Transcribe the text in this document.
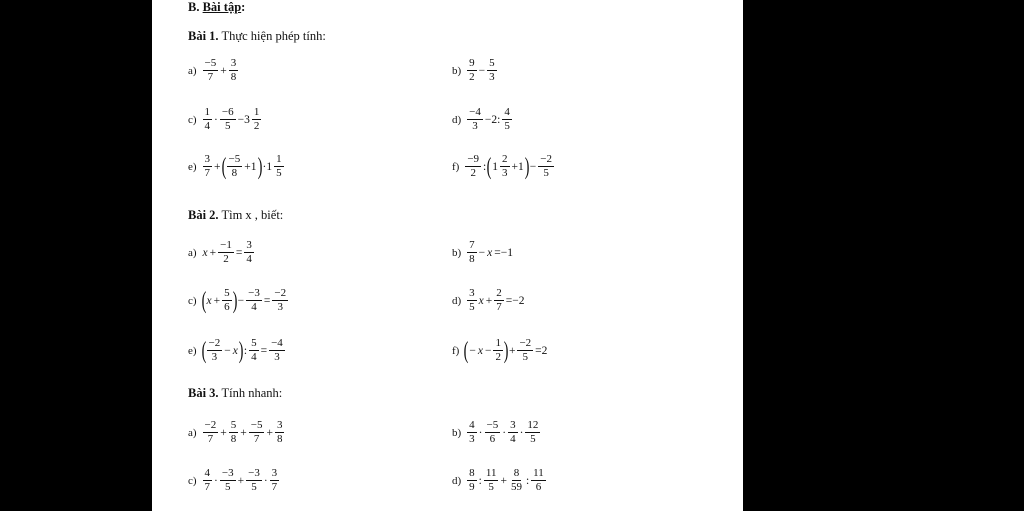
B. Bài tập:
Bài 1. Thực hiện phép tính:
$a) \frac{-5}{7} + \frac{3}{8}$	$b) \frac{9}{2} - \frac{5}{3}$
$c) \frac{1}{4} \cdot \frac{-6}{5} -3 \frac{1}{2}$	$d) \frac{-4}{3} -2$: $\frac{4}{5}$
$e) \frac{3}{7}$ + ( $\frac{-5}{8} +1$ ) $\cdot 1 \frac{1}{5}$	$f) \frac{-9}{2}$ : ( $1 \frac{2}{3} +1$ ) − $\frac{-2}{5}$
Bài 2. Tìm x , biết:
a) $x + \frac{-1}{2} = \frac{3}{4}$	$b) \frac{7}{8} - x =-1$
c) ( $x + \frac{5}{6}$ ) − $\frac{-3}{4} = \frac{-2}{3}$	$d) \frac{3}{5}$ $x + \frac{2}{7} =-2$
e) ( $\frac{-2}{3} - x$ ) : $\frac{5}{4} = \frac{-4}{3}$	f) ( − $x - \frac{1}{2}$ ) + $\frac{-2}{5} =2$
Bài 3. Tính nhanh:
$a) \frac{-2}{7} + \frac{5}{8} + \frac{-5}{7} + \frac{3}{8}$	$b) \frac{4}{3} \cdot \frac{-5}{6} \cdot \frac{3}{4} \cdot \frac{12}{5}$
$c) \frac{4}{7} \cdot \frac{-3}{5} + \frac{-3}{5} \cdot \frac{3}{7}$	$d) \frac{8}{9}$ : $\frac{11}{5} + \frac{8}{59}$ : $\frac{11}{6}$
